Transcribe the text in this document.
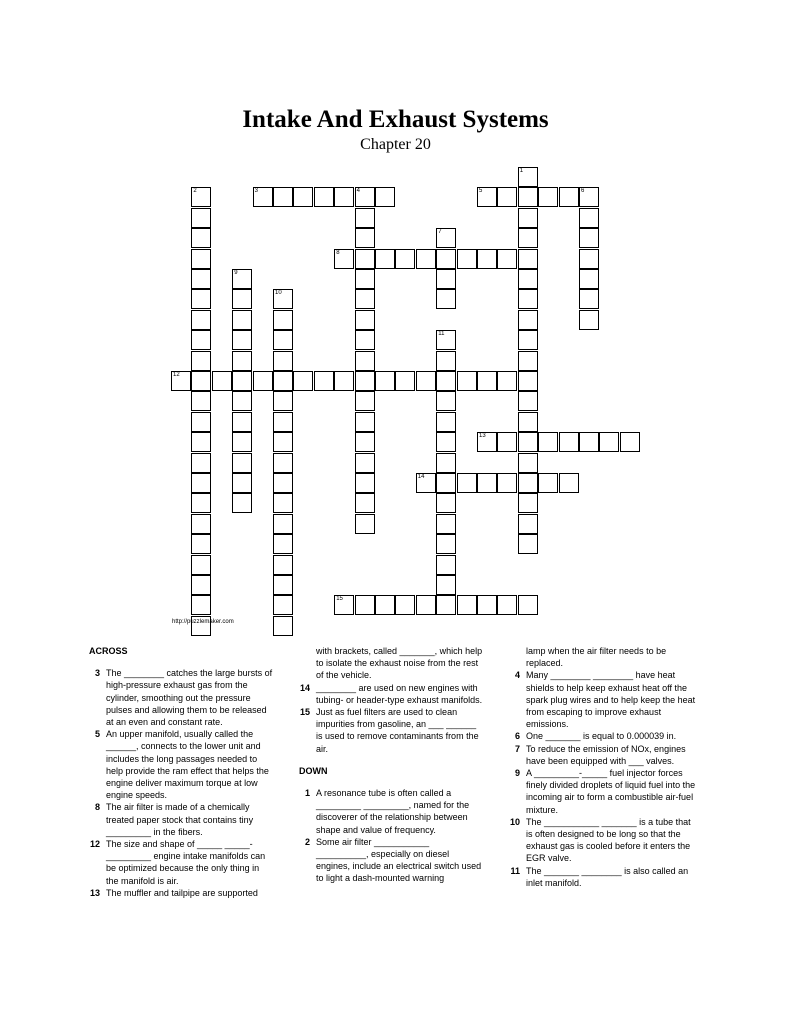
Intake And Exhaust Systems
Chapter 20
1
2	3	4	5	6
7
8
9
10
11
12
13
14
15
http://puzzlemaker.com
ACROSS
3 The ________ catches the large bursts of high-pressure exhaust gas from the cylinder, smoothing out the pressure pulses and allowing them to be released at an even and constant rate.
5 An upper manifold, usually called the ______, connects to the lower unit and includes the long passages needed to help provide the ram effect that helps the engine deliver maximum torque at low engine speeds.
8 The air filter is made of a chemically treated paper stock that contains tiny _________ in the fibers.
12 The size and shape of _____ _____-_________ engine intake manifolds can be optimized because the only thing in the manifold is air.
13 The muffler and tailpipe are supported
with brackets, called _______, which help to isolate the exhaust noise from the rest of the vehicle.
14 ________ are used on new engines with tubing- or header-type exhaust manifolds.
15 Just as fuel filters are used to clean impurities from gasoline, an ___ ______ is used to remove contaminants from the air.
DOWN
1 A resonance tube is often called a _________ _________, named for the discoverer of the relationship between shape and value of frequency.
2 Some air filter ___________ __________, especially on diesel engines, include an electrical switch used to light a dash-mounted warning
lamp when the air filter needs to be replaced.
4 Many ________ ________ have heat shields to help keep exhaust heat off the spark plug wires and to help keep the heat from escaping to improve exhaust emissions.
6 One _______ is equal to 0.000039 in.
7 To reduce the emission of NOx, engines have been equipped with ___ valves.
9 A _________-_____ fuel injector forces finely divided droplets of liquid fuel into the incoming air to form a combustible air-fuel mixture.
10 The ___________ _______ is a tube that is often designed to be long so that the exhaust gas is cooled before it enters the EGR valve.
11 The _______ ________ is also called an inlet manifold.
